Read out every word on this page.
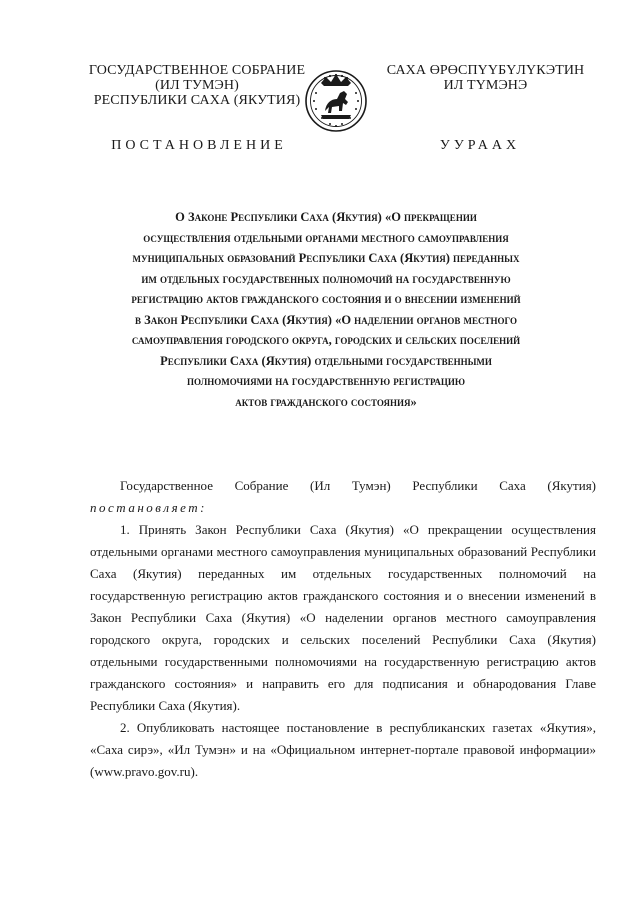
ГОСУДАРСТВЕННОЕ СОБРАНИЕ
(ИЛ ТУМЭН)
РЕСПУБЛИКИ САХА (ЯКУТИЯ)
САХА ӨРӨСПҮҮБҮЛҮКЭТИН
ИЛ ТҮМЭНЭ
ПОСТАНОВЛЕНИЕ	УУРААХ
О Законе Республики Саха (Якутия) «О прекращении
осуществления отдельными органами местного самоуправления
муниципальных образований Республики Саха (Якутия) переданных
им отдельных государственных полномочий на государственную
регистрацию актов гражданского состояния и о внесении изменений
в Закон Республики Саха (Якутия) «О наделении органов местного
самоуправления городского округа, городских и сельских поселений
Республики Саха (Якутия) отдельными государственными
полномочиями на государственную регистрацию
актов гражданского состояния»

Государственное Собрание (Ил Тумэн) Республики Саха (Якутия) постановляет:

1. Принять Закон Республики Саха (Якутия) «О прекращении осуществления отдельными органами местного самоуправления муниципальных образований Республики Саха (Якутия) переданных им отдельных государственных полномочий на государственную регистрацию актов гражданского состояния и о внесении изменений в Закон Республики Саха (Якутия) «О наделении органов местного самоуправления городского округа, городских и сельских поселений Республики Саха (Якутия) отдельными государственными полномочиями на государственную регистрацию актов гражданского состояния» и направить его для подписания и обнародования Главе Республики Саха (Якутия).

2. Опубликовать настоящее постановление в республиканских газетах «Якутия», «Саха сирэ», «Ил Тумэн» и на «Официальном интернет-портале правовой информации» (www.pravo.gov.ru).
